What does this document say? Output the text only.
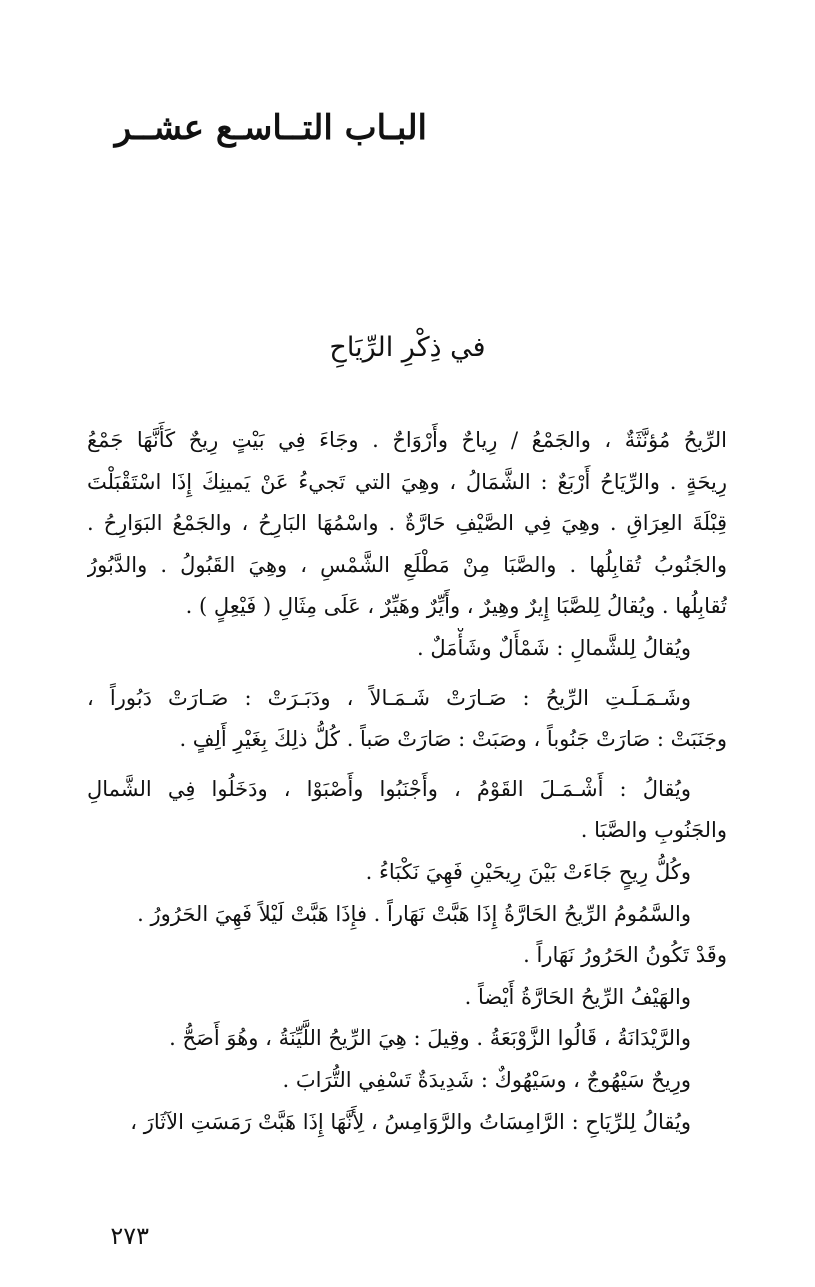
البـاب التــاسـع عشــر
في ذِكْرِ الرِّيَاحِ
الرِّيحُ مُؤنَّثَةٌ ، والجَمْعُ / رِياحٌ وأَرْوَاحٌ . وجَاءَ فِي بَيْتٍ رِيحٌ كَأَنَّهَا جَمْعُ
رِيحَةٍ . والرِّيَاحُ أَرْبَعٌ : الشَّمَالُ ، وهِيَ التي تَجيءُ عَنْ يَمينِكَ إِذَا اسْتَقْبَلْتَ
قِبْلَةَ العِرَاقِ . وهِيَ فِي الصَّيْفِ حَارَّةٌ . واسْمُهَا البَارِحُ ، والجَمْعُ البَوَارِحُ .
والجَنُوبُ تُقابِلُها . والصَّبَا مِنْ مَطْلَعِ الشَّمْسِ ، وهِيَ القَبُولُ . والدَّبُورُ
تُقابِلُها . ويُقالُ لِلصَّبَا إِيرٌ وهِيرٌ ، وأَيِّرٌ وهَيِّرٌ ، عَلَى مِثَالِ ( فَيْعِلٍ ) .
ويُقالُ لِلشَّمالِ : شَمْأَلٌ وشَأْمَلٌ .
وشَـمَـلَـتِ الرِّيحُ : صَـارَتْ شَـمَـالاً ، ودَبَـرَتْ : صَـارَتْ دَبُوراً ،
وجَنَبَتْ : صَارَتْ جَنُوباً ، وصَبَتْ : صَارَتْ صَباً . كُلُّ ذلِكَ بِغَيْرِ أَلِفٍ .
ويُقالُ : أَشْـمَـلَ القَوْمُ ، وأَجْنَبُوا وأَصْبَوْا ، ودَخَلُوا فِي الشَّمالِ
والجَنُوبِ والصَّبَا .
وكُلُّ رِيحٍ جَاءَتْ بَيْنَ رِيحَيْنِ فَهِيَ نَكْبَاءُ .
والسَّمُومُ الرِّيحُ الحَارَّةُ إِذَا هَبَّتْ نَهَاراً . فإِذَا هَبَّتْ لَيْلاً فَهِيَ الحَرُورُ .
وقَدْ تَكُونُ الحَرُورُ نَهَاراً .
والهَيْفُ الرِّيحُ الحَارَّةُ أَيْضاً .
والرَّيْدَانَةُ ، قَالُوا الزَّوْبَعَةُ . وقِيلَ : هِيَ الرِّيحُ اللَّيِّنَةُ ، وهُوَ أَصَحُّ .
ورِيحٌ سَيْهُوجٌ ، وسَيْهُوكٌ : شَدِيدَةٌ تَسْفِي التُّرَابَ .
ويُقالُ لِلرِّيَاحِ : الرَّامِسَاتُ والرَّوَامِسُ ، لِأَنَّهَا إِذَا هَبَّتْ رَمَسَتِ الآثَارَ ،

٢٧٣
